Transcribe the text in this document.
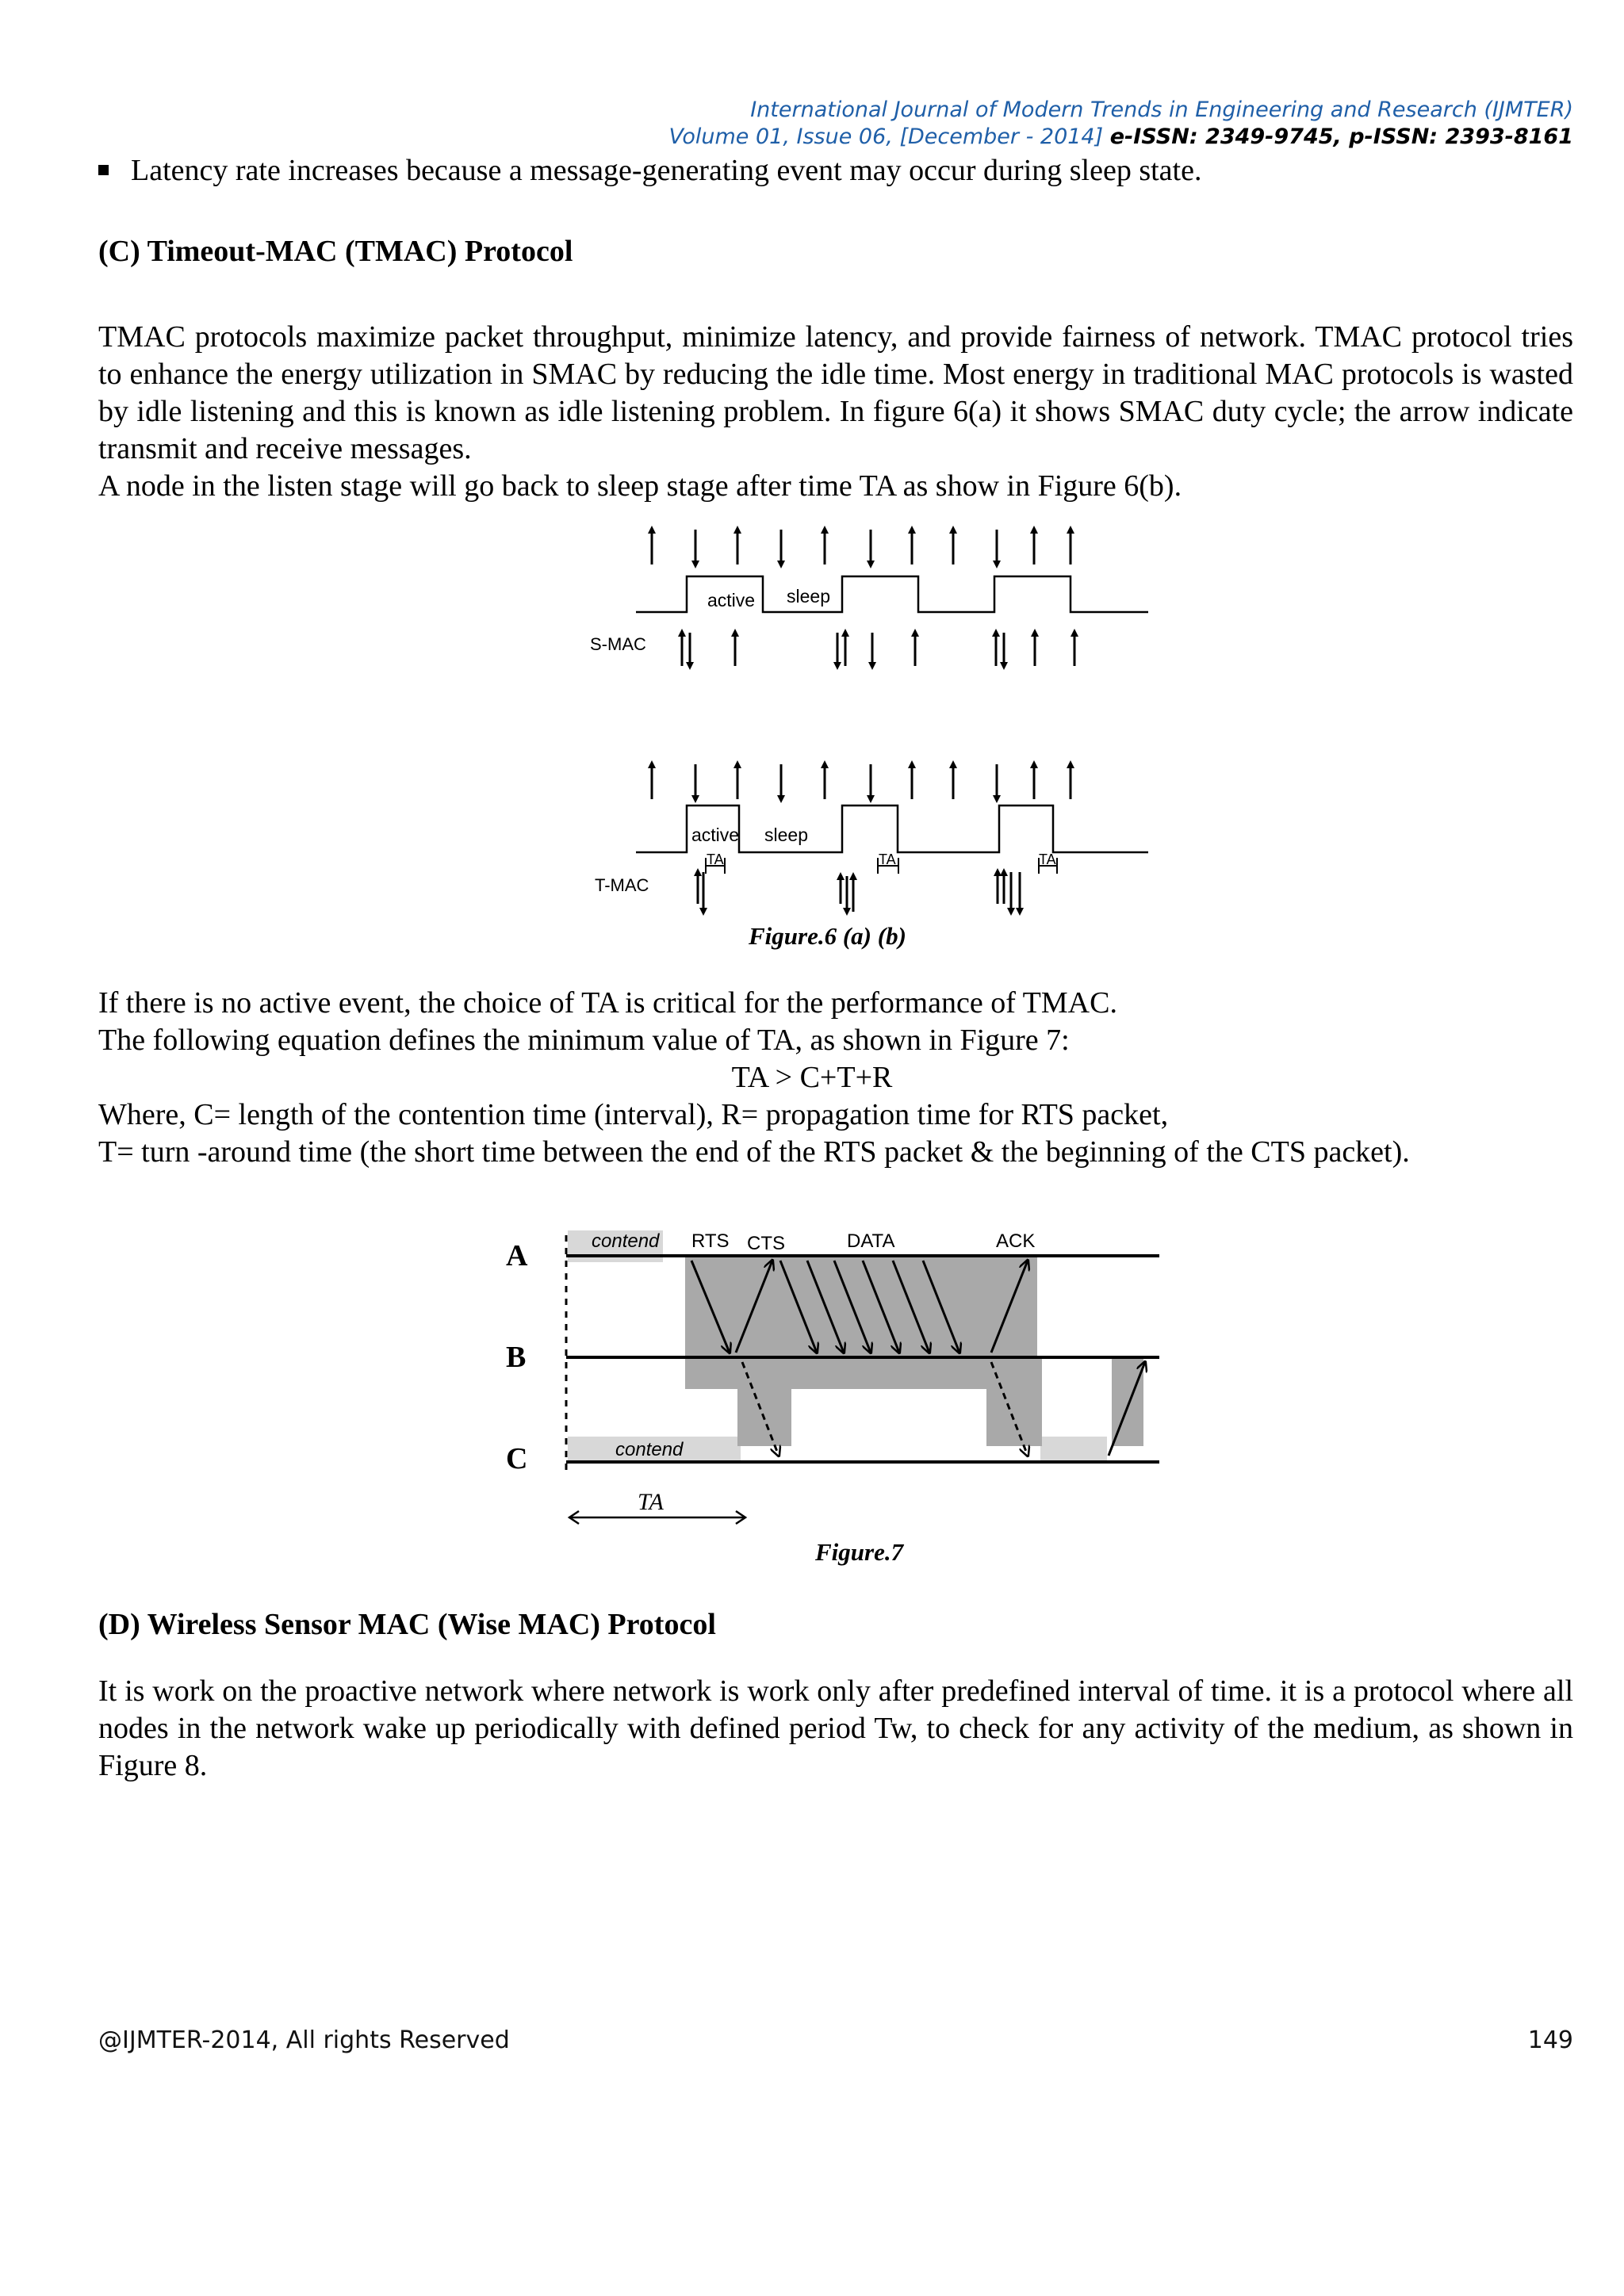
International Journal of Modern Trends in Engineering and Research (IJMTER)
Volume 01, Issue 06, [December - 2014] e-ISSN: 2349-9745, p-ISSN: 2393-8161
Latency rate increases because a message-generating event may occur during sleep state.
(C) Timeout-MAC (TMAC) Protocol
TMAC protocols maximize packet throughput, minimize latency, and provide fairness of network. TMAC protocol tries to enhance the energy utilization in SMAC by reducing the idle time. Most energy in traditional MAC protocols is wasted by idle listening and this is known as idle listening problem. In figure 6(a) it shows SMAC duty cycle; the arrow indicate transmit and receive messages.
A node in the listen stage will go back to sleep stage after time TA as show in Figure 6(b).
S-MAC
active sleep
T-MAC
active sleep
TA	TA	TA
Figure.6 (a) (b)
If there is no active event, the choice of TA is critical for the performance of TMAC.
The following equation defines the minimum value of TA, as shown in Figure 7:
TA > C+T+R
Where, C= length of the contention time (interval), R= propagation time for RTS packet,
T= turn -around time (the short time between the end of the RTS packet & the beginning of the CTS packet).
A
B
C
contend
contend
RTS CTS	DATA	ACK
TA
Figure.7
(D) Wireless Sensor MAC (Wise MAC) Protocol
It is work on the proactive network where network is work only after predefined interval of time. it is a protocol where all nodes in the network wake up periodically with defined period Tw, to check for any activity of the medium, as shown in Figure 8.
@IJMTER-2014, All rights Reserved	149
